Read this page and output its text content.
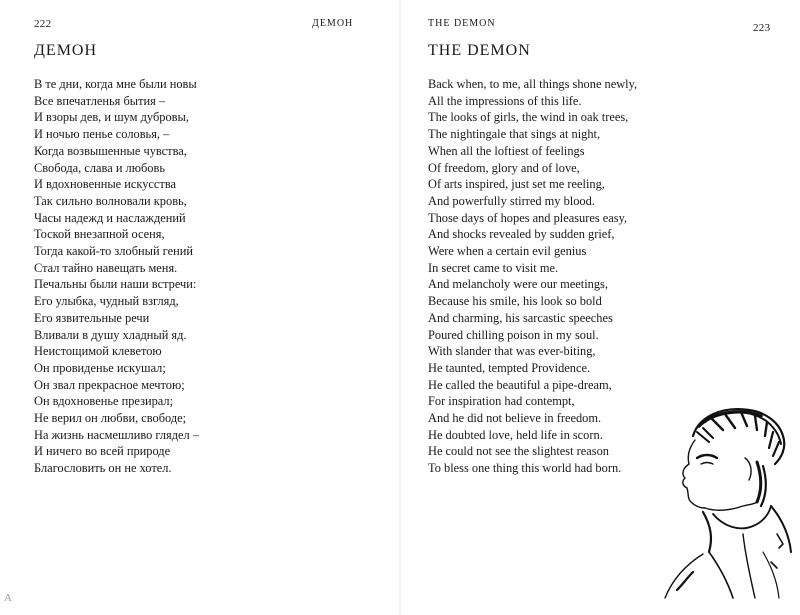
222	ДЕМОН
ДЕМОН
В те дни, когда мне были новы
Все впечатленья бытия –
И взоры дев, и шум дубровы,
И ночью пенье соловья, –
Когда возвышенные чувства,
Свобода, слава и любовь
И вдохновенные искусства
Так сильно волновали кровь,
Часы надежд и наслаждений
Тоской внезапной осеня,
Тогда какой-то злобный гений
Стал тайно навещать меня.
Печальны были наши встречи:
Его улыбка, чудный взгляд,
Его язвительные речи
Вливали в душу хладный яд.
Неистощимой клеветою
Он провиденье искушал;
Он звал прекрасное мечтою;
Он вдохновенье презирал;
Не верил он любви, свободе;
На жизнь насмешливо глядел –
И ничего во всей природе
Благословить он не хотел.
A
THE DEMON	223
THE DEMON
Back when, to me, all things shone newly,
All the impressions of this life.
The looks of girls, the wind in oak trees,
The nightingale that sings at night,
When all the loftiest of feelings
Of freedom, glory and of love,
Of arts inspired, just set me reeling,
And powerfully stirred my blood.
Those days of hopes and pleasures easy,
And shocks revealed by sudden grief,
Were when a certain evil genius
In secret came to visit me.
And melancholy were our meetings,
Because his smile, his look so bold
And charming, his sarcastic speeches
Poured chilling poison in my soul.
With slander that was ever-biting,
He taunted, tempted Providence.
He called the beautiful a pipe-dream,
For inspiration had contempt,
And he did not believe in freedom.
He doubted love, held life in scorn.
He could not see the slightest reason
To bless one thing this world had born.
